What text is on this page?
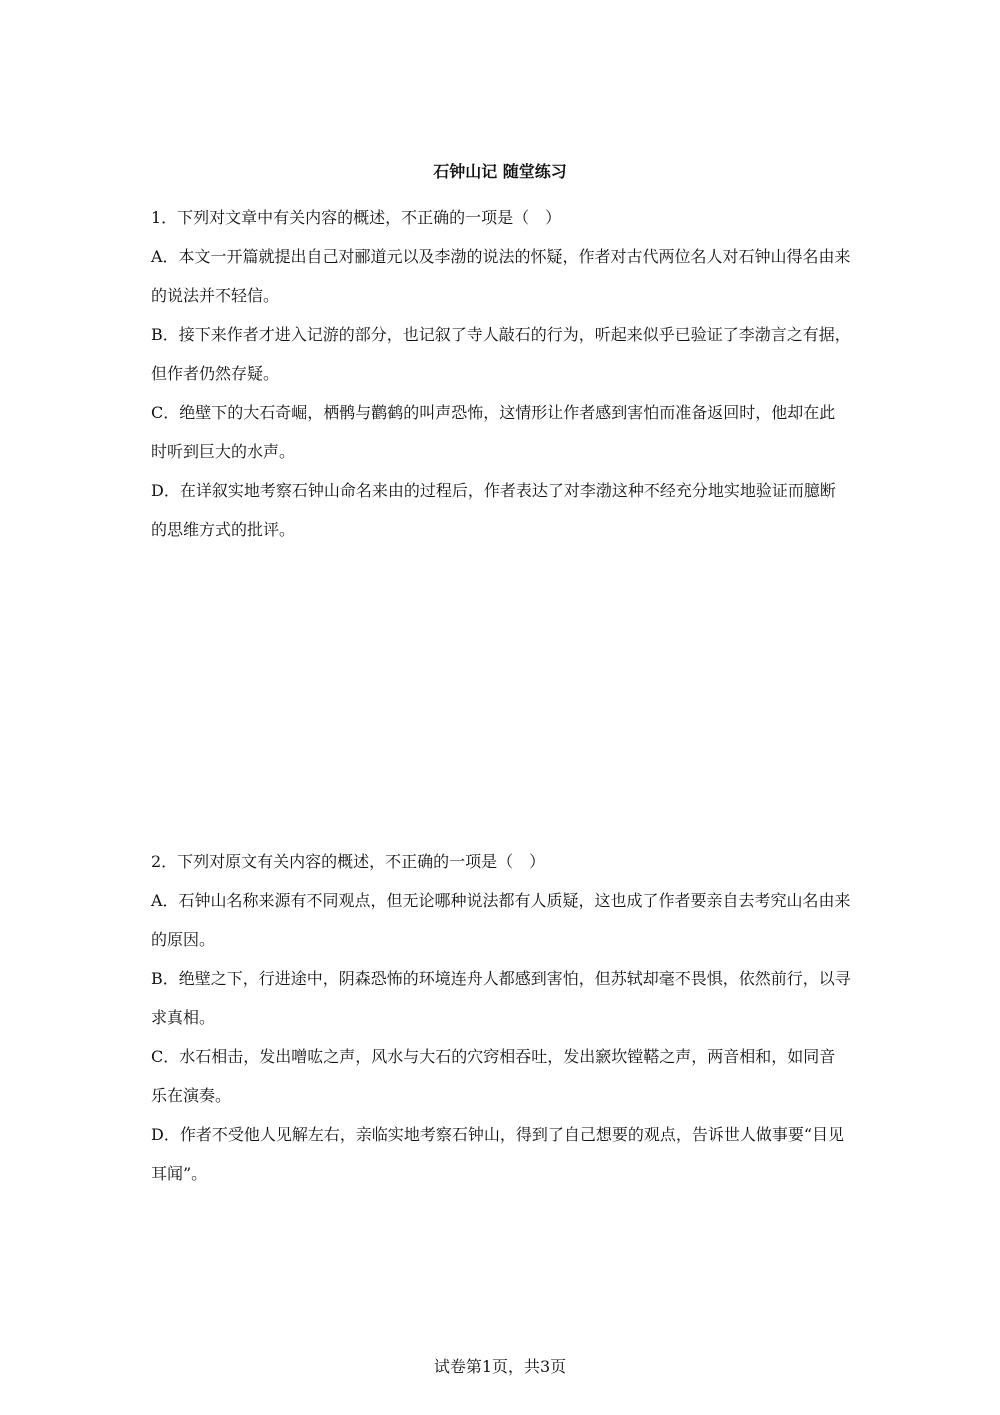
石钟山记 随堂练习

1．下列对文章中有关内容的概述，不正确的一项是（　）

A．本文一开篇就提出自己对郦道元以及李渤的说法的怀疑，作者对古代两位名人对石钟山得名由来的说法并不轻信。

B．接下来作者才进入记游的部分，也记叙了寺人敲石的行为，听起来似乎已验证了李渤言之有据，但作者仍然存疑。

C．绝壁下的大石奇崛，栖鹘与鹳鹤的叫声恐怖，这情形让作者感到害怕而准备返回时，他却在此时听到巨大的水声。

D．在详叙实地考察石钟山命名来由的过程后，作者表达了对李渤这种不经充分地实地验证而臆断的思维方式的批评。

2．下列对原文有关内容的概述，不正确的一项是（　）

A．石钟山名称来源有不同观点，但无论哪种说法都有人质疑，这也成了作者要亲自去考究山名由来的原因。

B．绝壁之下，行进途中，阴森恐怖的环境连舟人都感到害怕，但苏轼却毫不畏惧，依然前行，以寻求真相。

C．水石相击，发出噌吰之声，风水与大石的穴窍相吞吐，发出窾坎镗鞳之声，两音相和，如同音乐在演奏。

D．作者不受他人见解左右，亲临实地考察石钟山，得到了自己想要的观点，告诉世人做事要“目见耳闻”。

试卷第1页，共3页
